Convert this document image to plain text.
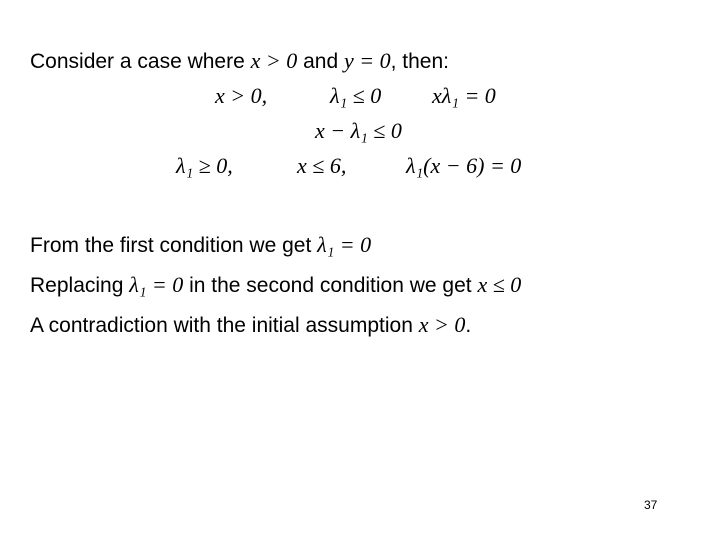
Consider a case where x > 0 and y = 0, then:
x > 0,	λ₁ ≤ 0 xλ₁ = 0
x − λ₁ ≤ 0
λ₁ ≥ 0,	x ≤ 6,	λ₁(x − 6) = 0
From the first condition we get λ₁ = 0
Replacing λ₁ = 0 in the second condition we get x ≤ 0
A contradiction with the initial assumption x > 0.
37
